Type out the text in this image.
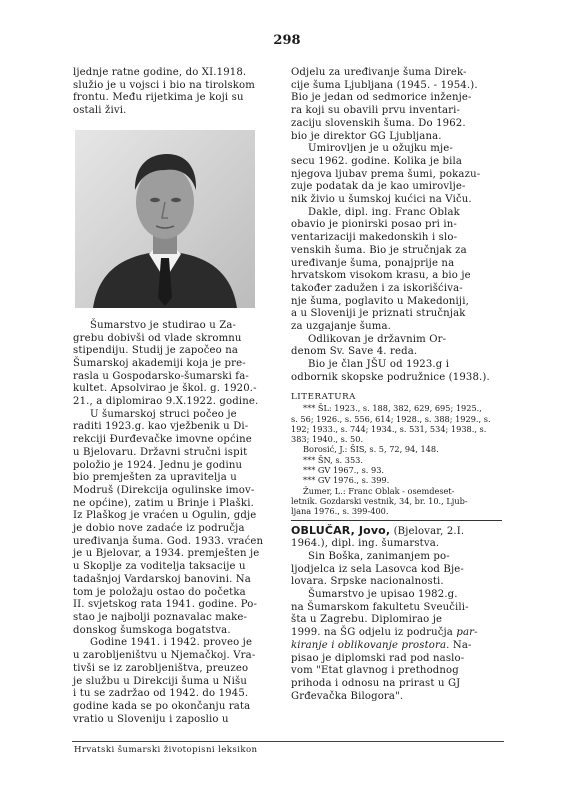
298

ljednje ratne godine, do XI.1918.
služio je u vojsci i bio na tirolskom
frontu. Među rijetkima je koji su
ostali živi.

Šumarstvo je studirao u Za-
grebu dobivši od vlade skromnu
stipendiju. Studij je započeo na
Šumarskoj akademiji koja je pre-
rasla u Gospodarsko-šumarski fa-
kultet. Apsolvirao je škol. g. 1920.-
21., a diplomirao 9.X.1922. godine.

U šumarskoj struci počeo je
raditi 1923.g. kao vježbenik u Di-
rekciji Đurđevačke imovne općine
u Bjelovaru. Državni stručni ispit
položio je 1924. Jednu je godinu
bio premješten za upravitelja u
Modruš (Direkcija ogulinske imov-
ne općine), zatim u Brinje i Plaški.
Iz Plaškog je vraćen u Ogulin, gdje
je dobio nove zadaće iz područja
uređivanja šuma. God. 1933. vraćen
je u Bjelovar, a 1934. premješten je
u Skoplje za voditelja taksacije u
tadašnjoj Vardarskoj banovini. Na
tom je položaju ostao do početka
II. svjetskog rata 1941. godine. Po-
stao je najbolji poznavalac make-
donskog šumskoga bogatstva.

Godine 1941. i 1942. proveo je
u zarobljeništvu u Njemačkoj. Vra-
tivši se iz zarobljeništva, preuzeo
je službu u Direkciji šuma u Nišu
i tu se zadržao od 1942. do 1945.
godine kada se po okončanju rata
vratio u Sloveniju i zaposlio u

Odjelu za uređivanje šuma Direk-
cije šuma Ljubljana (1945. - 1954.).
Bio je jedan od sedmorice inženje-
ra koji su obavili prvu inventari-
zaciju slovenskih šuma. Do 1962.
bio je direktor GG Ljubljana.

Umirovljen je u ožujku mje-
secu 1962. godine. Kolika je bila
njegova ljubav prema šumi, pokazu-
zuje podatak da je kao umirovlje-
nik živio u šumskoj kućici na Viču.

Dakle, dipl. ing. Franc Oblak
obavio je pionirski posao pri in-
ventarizaciji makedonskih i slo-
venskih šuma. Bio je stručnjak za
uređivanje šuma, ponajprije na
hrvatskom visokom krasu, a bio je
također zadužen i za iskorišćiva-
nje šuma, poglavito u Makedoniji,
a u Sloveniji je priznati stručnjak
za uzgajanje šuma.

Odlikovan je državnim Or-
denom Sv. Save 4. reda.

Bio je član JŠU od 1923.g i
odbornik skopske podružnice (1938.).

LITERATURA

*** ŠL: 1923., s. 188, 382, 629, 695; 1925.,
s. 56; 1926., s. 556, 614; 1928., s. 388; 1929., s.
192; 1933., s. 744; 1934., s. 531, 534; 1938., s.
383; 1940., s. 50.

Borosić, J.: ŠIS, s. 5, 72, 94, 148.

*** ŠN, s. 353.

*** GV 1967., s. 93.

*** GV 1976., s. 399.

Žumer, L.: Franc Oblak - osemdeset-
letnik. Gozdarski vestnik, 34, br. 10., Ljub-
ljana 1976., s. 399-400.

OBLUČAR, Jovo, (Bjelovar, 2.I.
1964.), dipl. ing. šumarstva.

Sin Boška, zanimanjem po-
ljodjelca iz sela Lasovca kod Bje-
lovara. Srpske nacionalnosti.

Šumarstvo je upisao 1982.g.
na Šumarskom fakultetu Sveučili-
šta u Zagrebu. Diplomirao je
1999. na ŠG odjelu iz područja par-
kiranje i oblikovanje prostora. Na-
pisao je diplomski rad pod naslo-
vom "Etat glavnog i prethodnog
prihoda i odnosu na prirast u GJ
Grđevačka Bilogora".

Hrvatski šumarski životopisni leksikon
